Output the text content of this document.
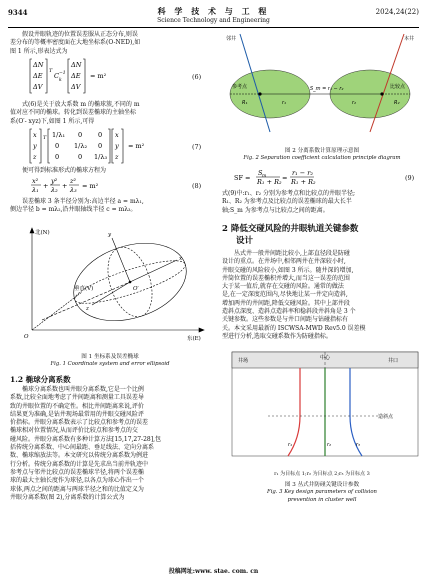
9344	科 学 技 术 与 工 程
Science Technology and Engineering
2024,24(22)
假设井眼轨迹的位置误差服从正态分布,则误
差分布的等概率密度面在大地坐标系(O-NED),如
图 1 所示,形表达式为
ΔN
ΔE
ΔV
T
C −1
k
ΔN
ΔE
ΔV
= m²	(6)
式(6)是关于放大系数 m 的椭球簇,不同的 m
值对应不同的椭球。转化到误差椭球的主轴坐标
系(O′- xyz)下,如图 1 所示,可得
x
y
z
T 1/λ₁ 0 0
0 1/λ₂ 0
0	0 1/λ₃
x
y
z
= m²	(7)
便可得到标准形式的椭球方程为
x²
λ₁ +
y²
λ₂ +
z²
λ₃ = m²	(8)
误差椭球 3 条半径分别为:高边半径 a = mλ₁,
侧边半径 b = mλ₂,沿井眼轴线半径 c = mλ₃。
北(N)
东(E)
垂直(V)
x
y
z
O′
O
图 1 坐标系及误差椭球
Fig. 1 Coordinate system and error ellipsoid
1.2 椭球分离系数
椭球分离系数也叫井眼分离系数,它是一个比例
系数,比较全面地考虑了井间距离和测量工具误差导
致的井眼位置的不确定性。相比井间距离来说,评价
结果更为准确,是钻井现场最常用的井眼交碰风险评
价指标。井眼分离系数表示了比较点和参考点的误差
椭球相对位置情况,从而评价比较点和参考点的交
碰风险。井眼分离系数有多种计算方法[15,17,27-28],包
括传统分离系数、中心间最距、垂足线法、定向分离系
数、椭球缩放法等。本文研究以传统分离系数为例进
行分析。传统分离系数的计算是先求出当前井轨迹中
参考点与邻井比较点的误差椭球半径,将两个误差椭
球的最大主轴长度作为球径,以各点为球心作出一个
球体,两点之间的距离与两球半径之和的比值定义为
井眼分离系数(图 2),分离系数的计算公式为
邻井	本井
参考点	比较点
R₁	R₂
r₁	r₂
S_m = r₁ − r₂
图 2 分离系数计算原理示意图
Fig. 2 Separation coefficient calculation principle diagram
SF =
S m
R₁ + R₂ =
r₁ − r₂
R₁ + R₂	(9)
式(9)中:r₁、r₂ 分别为参考点和比较点的井眼半径;
R₁、R₂ 为参考点及比较点的误差椭球的最大长半
轴;S_m 为参考点与比较点之间的距离。
2 降低交碰风险的井眼轨道关键参数
设计
丛式井一般井间距比较小,上部直径段是防碰
设计的重点。在井场中,相邻两井在井深较小时,
井眼交碰的风险较小,如图 3 所示。随井深的增加,
井筒位置的误差椭积并增大,而当这一误差的范围
大于某一值后,就存在交碰的风险。通常的做法
是,在一定深度范围内,尽快地让某一井定向造斜,
增加两井的井间距,降低交碰风险。其中上部井段
造斜点深度、造斜点造斜率和稳斜段井斜角是 3 个
关键参数。这些参数是与井口间距与钻碰指标有
关。本文采用最新的 ISCWSA-MWD Rev5.0 误差模
型进行分析,选取交碰系数作为防碰指标。
井场	井口
中心
造斜点
r₁	r₂	r₃
r₁ 为目标点 1;r₂ 为目标点 2;r₃ 为目标点 3
图 3 丛式井防碰关键设计参数
Fig. 3 Key design parameters of collision
prevention in cluster well
投稿网址:www. stae. com. cn
